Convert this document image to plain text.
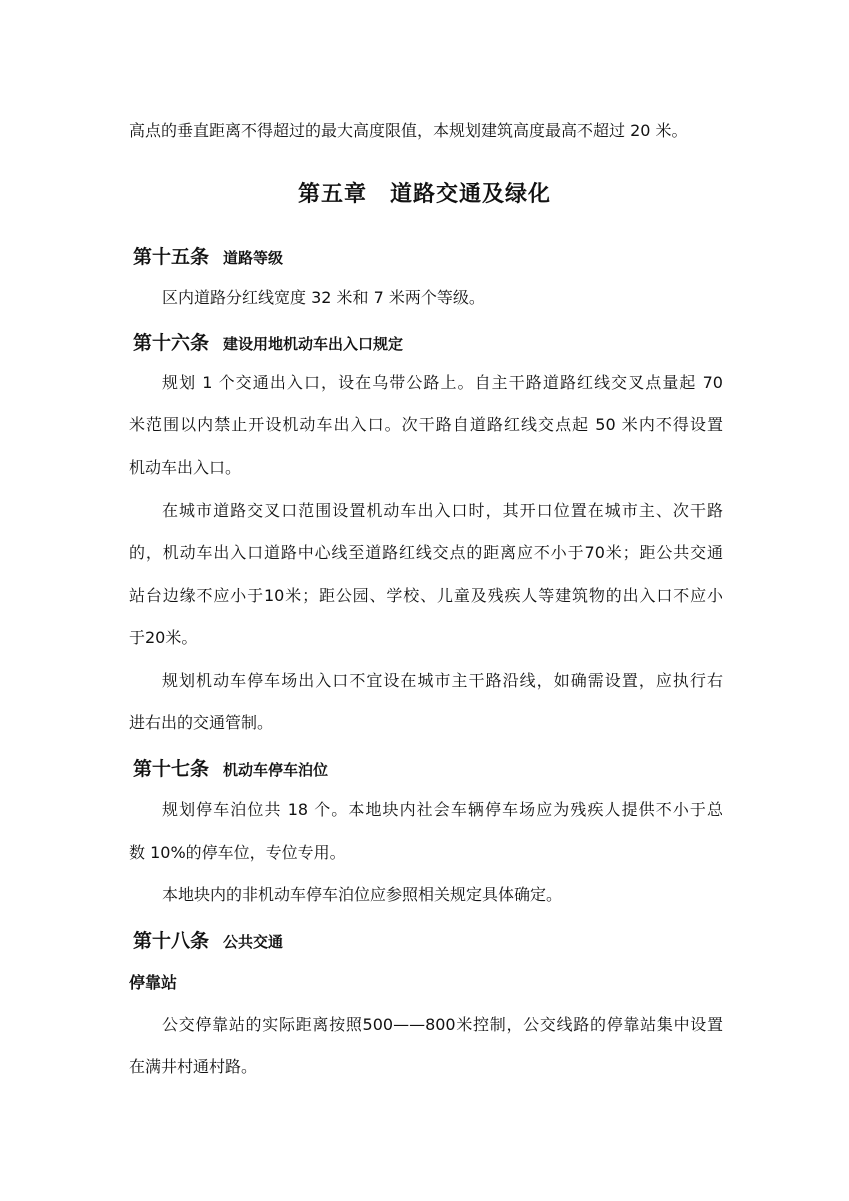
高点的垂直距离不得超过的最大高度限值，本规划建筑高度最高不超过 20 米。
第五章　道路交通及绿化
第十五条 道路等级
区内道路分红线宽度 32 米和 7 米两个等级。
第十六条 建设用地机动车出入口规定
规划 1 个交通出入口，设在乌带公路上。自主干路道路红线交叉点量起 70
米范围以内禁止开设机动车出入口。次干路自道路红线交点起 50 米内不得设置
机动车出入口。
在城市道路交叉口范围设置机动车出入口时，其开口位置在城市主、次干路
的，机动车出入口道路中心线至道路红线交点的距离应不小于70米；距公共交通
站台边缘不应小于10米；距公园、学校、儿童及残疾人等建筑物的出入口不应小
于20米。
规划机动车停车场出入口不宜设在城市主干路沿线，如确需设置，应执行右
进右出的交通管制。
第十七条 机动车停车泊位
规划停车泊位共 18 个。本地块内社会车辆停车场应为残疾人提供不小于总
数 10%的停车位，专位专用。
本地块内的非机动车停车泊位应参照相关规定具体确定。
第十八条 公共交通
停靠站
公交停靠站的实际距离按照500——800米控制，公交线路的停靠站集中设置
在满井村通村路。
